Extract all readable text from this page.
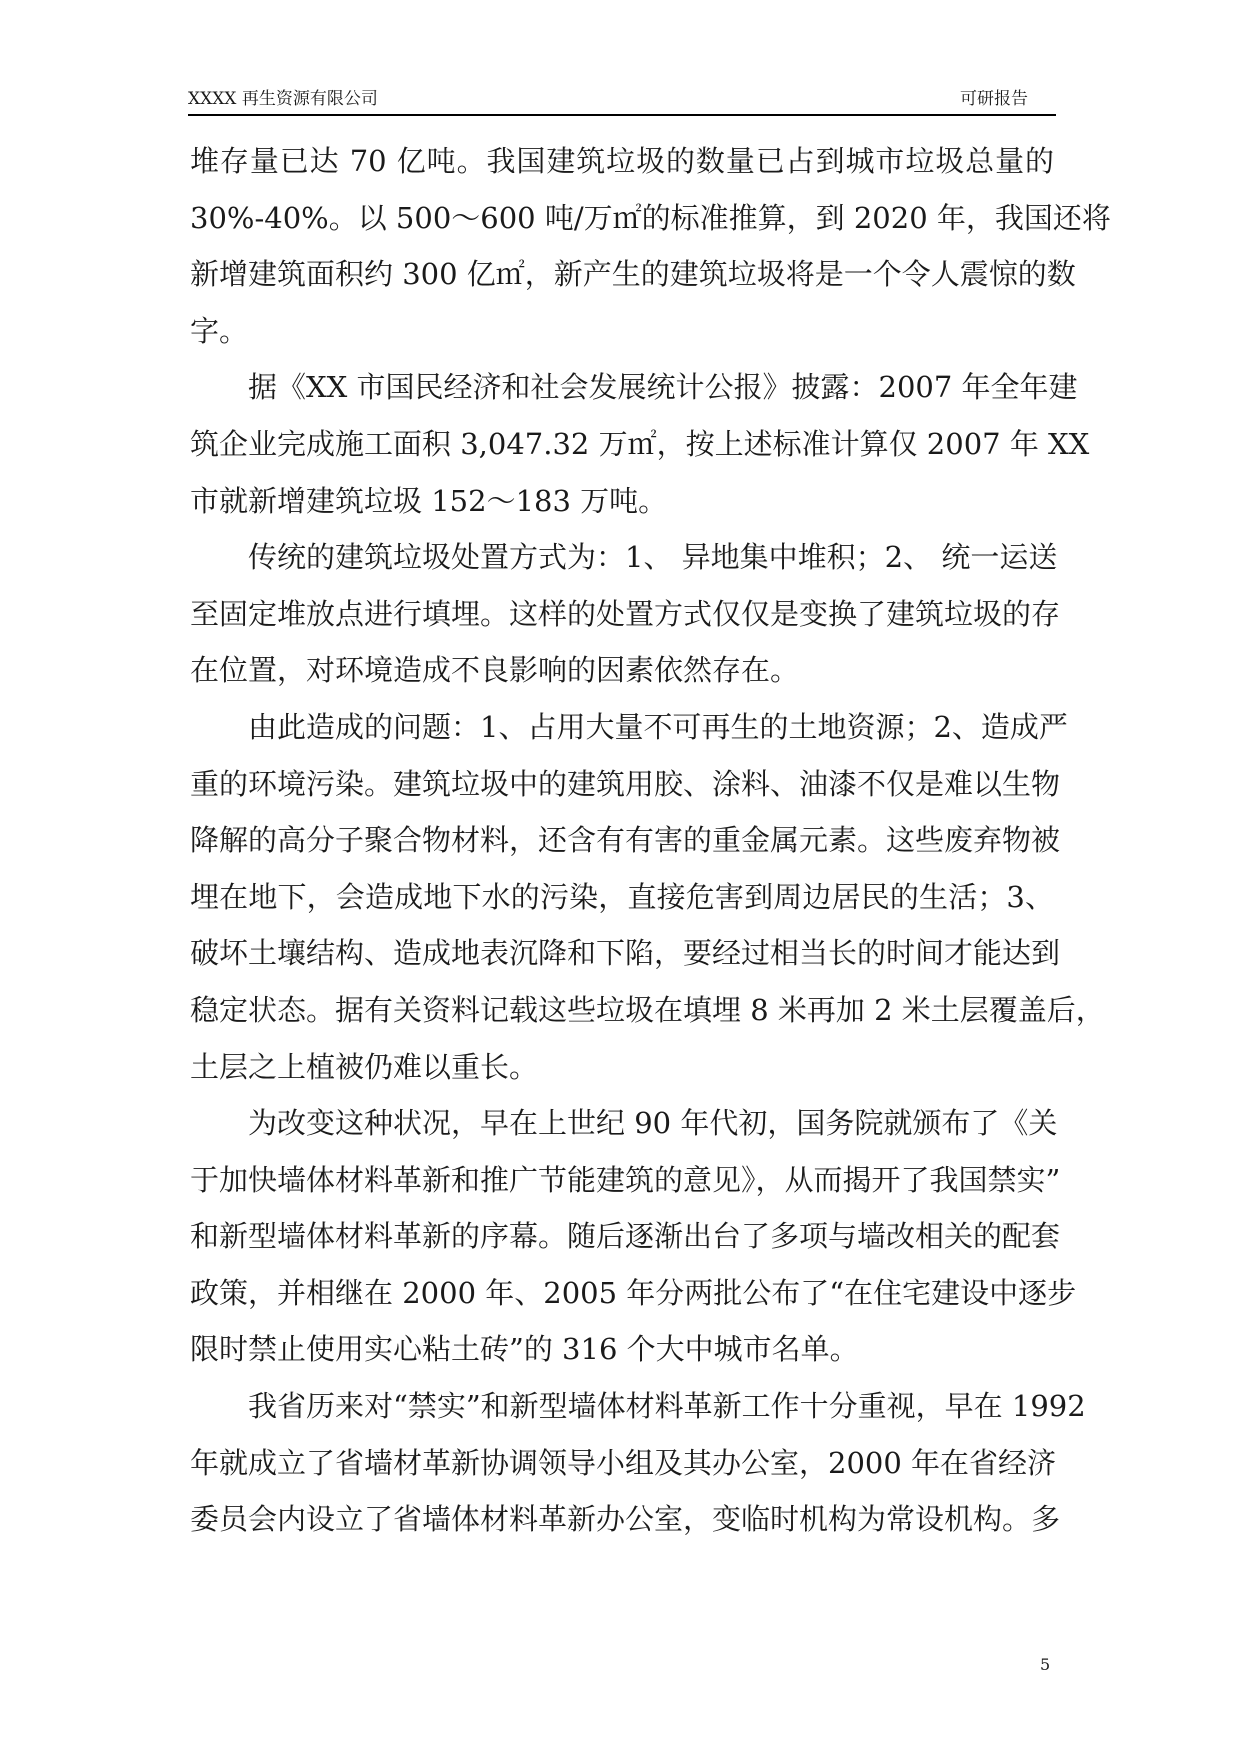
XXXX 再生资源有限公司	可研报告
堆存量已达 70 亿吨。我国建筑垃圾的数量已占到城市垃圾总量的
30%-40%。以 500～600 吨/万㎡的标准推算，到 2020 年，我国还将
新增建筑面积约 300 亿㎡，新产生的建筑垃圾将是一个令人震惊的数
字。
据《XX 市国民经济和社会发展统计公报》披露：2007 年全年建
筑企业完成施工面积 3,047.32 万㎡，按上述标准计算仅 2007 年 XX
市就新增建筑垃圾 152～183 万吨。
传统的建筑垃圾处置方式为：1、 异地集中堆积；2、 统一运送
至固定堆放点进行填埋。这样的处置方式仅仅是变换了建筑垃圾的存
在位置，对环境造成不良影响的因素依然存在。
由此造成的问题：1、占用大量不可再生的土地资源；2、造成严
重的环境污染。建筑垃圾中的建筑用胶、涂料、油漆不仅是难以生物
降解的高分子聚合物材料，还含有有害的重金属元素。这些废弃物被
埋在地下，会造成地下水的污染，直接危害到周边居民的生活；3、
破坏土壤结构、造成地表沉降和下陷，要经过相当长的时间才能达到
稳定状态。据有关资料记载这些垃圾在填埋 8 米再加 2 米土层覆盖后，
土层之上植被仍难以重长。
为改变这种状况，早在上世纪 90 年代初，国务院就颁布了《关
于加快墙体材料革新和推广节能建筑的意见》，从而揭开了我国禁实”
和新型墙体材料革新的序幕。随后逐渐出台了多项与墙改相关的配套
政策，并相继在 2000 年、2005 年分两批公布了“在住宅建设中逐步
限时禁止使用实心粘土砖”的 316 个大中城市名单。
我省历来对“禁实”和新型墙体材料革新工作十分重视，早在 1992
年就成立了省墙材革新协调领导小组及其办公室，2000 年在省经济
委员会内设立了省墙体材料革新办公室，变临时机构为常设机构。多
5
